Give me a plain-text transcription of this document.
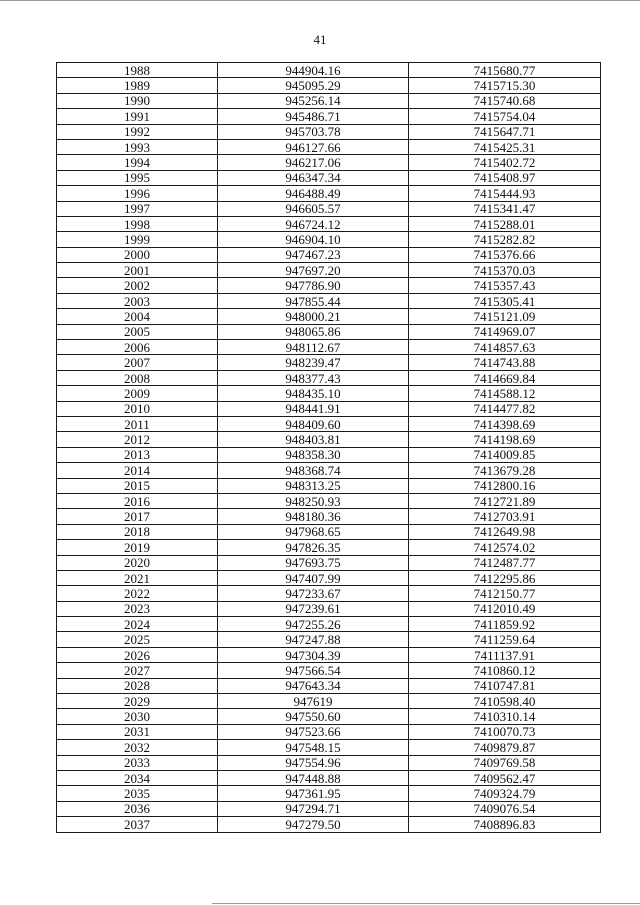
41
1988	944904.16	7415680.77
1989	945095.29	7415715.30
1990	945256.14	7415740.68
1991	945486.71	7415754.04
1992	945703.78	7415647.71
1993	946127.66	7415425.31
1994	946217.06	7415402.72
1995	946347.34	7415408.97
1996	946488.49	7415444.93
1997	946605.57	7415341.47
1998	946724.12	7415288.01
1999	946904.10	7415282.82
2000	947467.23	7415376.66
2001	947697.20	7415370.03
2002	947786.90	7415357.43
2003	947855.44	7415305.41
2004	948000.21	7415121.09
2005	948065.86	7414969.07
2006	948112.67	7414857.63
2007	948239.47	7414743.88
2008	948377.43	7414669.84
2009	948435.10	7414588.12
2010	948441.91	7414477.82
2011	948409.60	7414398.69
2012	948403.81	7414198.69
2013	948358.30	7414009.85
2014	948368.74	7413679.28
2015	948313.25	7412800.16
2016	948250.93	7412721.89
2017	948180.36	7412703.91
2018	947968.65	7412649.98
2019	947826.35	7412574.02
2020	947693.75	7412487.77
2021	947407.99	7412295.86
2022	947233.67	7412150.77
2023	947239.61	7412010.49
2024	947255.26	7411859.92
2025	947247.88	7411259.64
2026	947304.39	7411137.91
2027	947566.54	7410860.12
2028	947643.34	7410747.81
2029	947619	7410598.40
2030	947550.60	7410310.14
2031	947523.66	7410070.73
2032	947548.15	7409879.87
2033	947554.96	7409769.58
2034	947448.88	7409562.47
2035	947361.95	7409324.79
2036	947294.71	7409076.54
2037	947279.50	7408896.83
